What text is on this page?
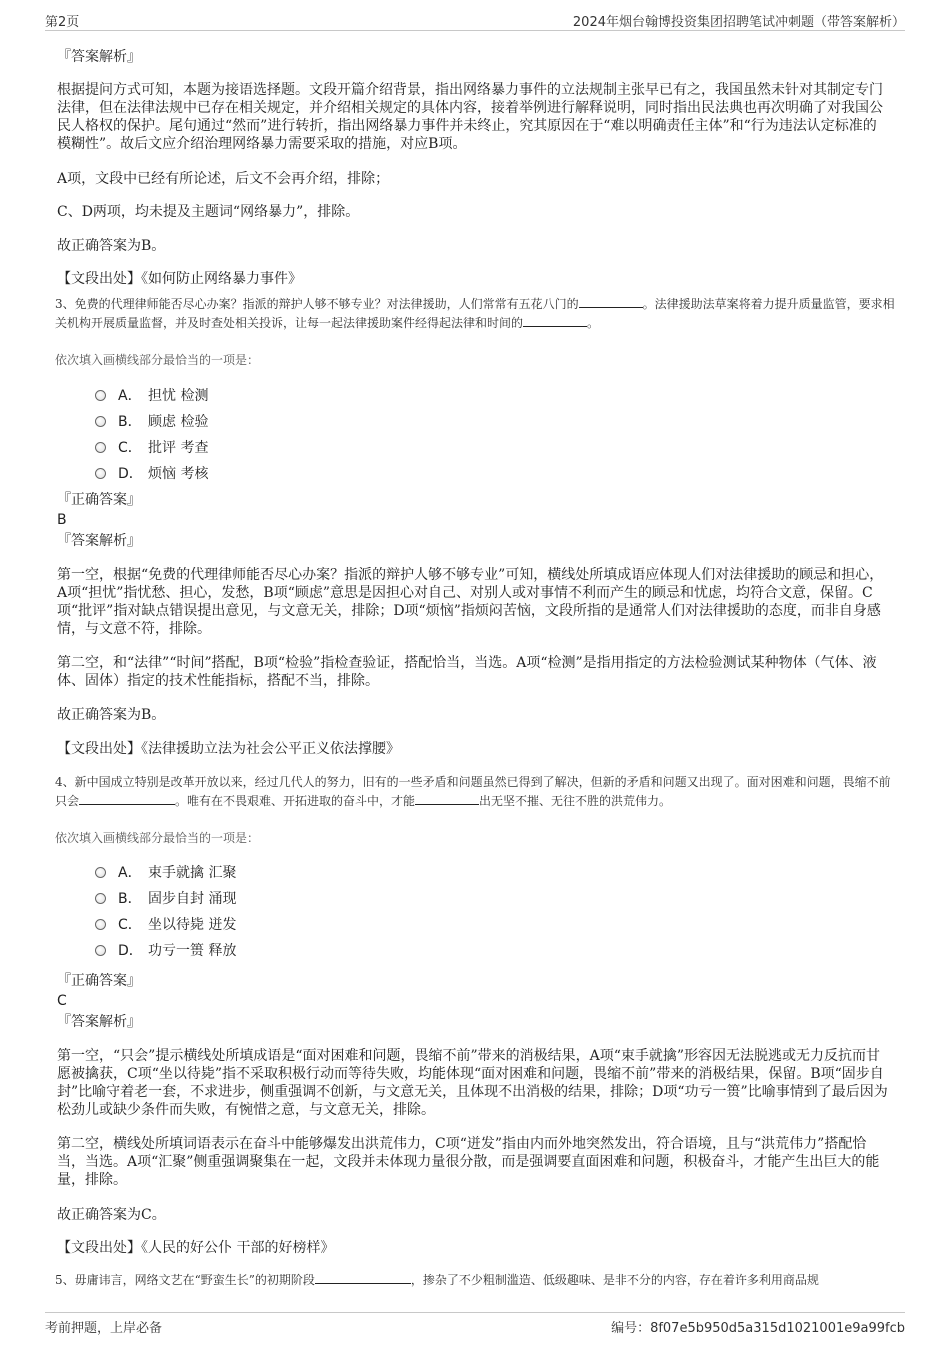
第2页	2024年烟台翰博投资集团招聘笔试冲刺题（带答案解析）
『答案解析』
根据提问方式可知，本题为接语选择题。文段开篇介绍背景，指出网络暴力事件的立法规制主张早已有之，我国虽然未针对其制定专门法律，但在法律法规中已存在相关规定，并介绍相关规定的具体内容，接着举例进行解释说明，同时指出民法典也再次明确了对我国公民人格权的保护。尾句通过“然而”进行转折，指出网络暴力事件并未终止，究其原因在于“难以明确责任主体”和“行为违法认定标准的模糊性”。故后文应介绍治理网络暴力需要采取的措施，对应B项。
A项，文段中已经有所论述，后文不会再介绍，排除；
C、D两项，均未提及主题词“网络暴力”，排除。
故正确答案为B。
【文段出处】《如何防止网络暴力事件》
3、免费的代理律师能否尽心办案？指派的辩护人够不够专业？对法律援助，人们常常有五花八门的	。法律援助法草案将着力提升质量监管，要求相关机构开展质量监督，并及时查处相关投诉，让每一起法律援助案件经得起法律和时间的	。
依次填入画横线部分最恰当的一项是：
A． 担忧 检测
B． 顾虑 检验
C． 批评 考查
D． 烦恼 考核
『正确答案』
B
『答案解析』
第一空，根据“免费的代理律师能否尽心办案？指派的辩护人够不够专业”可知，横线处所填成语应体现人们对法律援助的顾忌和担心，A项“担忧”指忧愁、担心，发愁，B项“顾虑”意思是因担心对自己、对别人或对事情不利而产生的顾忌和忧虑，均符合文意，保留。C项“批评”指对缺点错误提出意见，与文意无关，排除；D项“烦恼”指烦闷苦恼，文段所指的是通常人们对法律援助的态度，而非自身感情，与文意不符，排除。
第二空，和“法律”“时间”搭配，B项“检验”指检查验证，搭配恰当，当选。A项“检测”是指用指定的方法检验测试某种物体（气体、液体、固体）指定的技术性能指标，搭配不当，排除。
故正确答案为B。
【文段出处】《法律援助立法为社会公平正义依法撑腰》
4、新中国成立特别是改革开放以来，经过几代人的努力，旧有的一些矛盾和问题虽然已得到了解决，但新的矛盾和问题又出现了。面对困难和问题，畏缩不前只会	。唯有在不畏艰难、开拓进取的奋斗中，才能	出无坚不摧、无往不胜的洪荒伟力。
依次填入画横线部分最恰当的一项是：
A． 束手就擒 汇聚
B． 固步自封 涌现
C． 坐以待毙 迸发
D． 功亏一篑 释放
『正确答案』
C
『答案解析』
第一空，“只会”提示横线处所填成语是“面对困难和问题，畏缩不前”带来的消极结果，A项“束手就擒”形容因无法脱逃或无力反抗而甘愿被擒获，C项“坐以待毙”指不采取积极行动而等待失败，均能体现“面对困难和问题，畏缩不前”带来的消极结果，保留。B项“固步自封”比喻守着老一套，不求进步，侧重强调不创新，与文意无关，且体现不出消极的结果，排除；D项“功亏一篑”比喻事情到了最后因为松劲儿或缺少条件而失败，有惋惜之意，与文意无关，排除。
第二空，横线处所填词语表示在奋斗中能够爆发出洪荒伟力，C项“迸发”指由内而外地突然发出，符合语境，且与“洪荒伟力”搭配恰当，当选。A项“汇聚”侧重强调聚集在一起，文段并未体现力量很分散，而是强调要直面困难和问题，积极奋斗，才能产生出巨大的能量，排除。
故正确答案为C。
【文段出处】《人民的好公仆 干部的好榜样》
5、毋庸讳言，网络文艺在“野蛮生长”的初期阶段	，掺杂了不少粗制滥造、低级趣味、是非不分的内容，存在着许多利用商品规
考前押题，上岸必备	编号：8f07e5b950d5a315d1021001e9a99fcb
